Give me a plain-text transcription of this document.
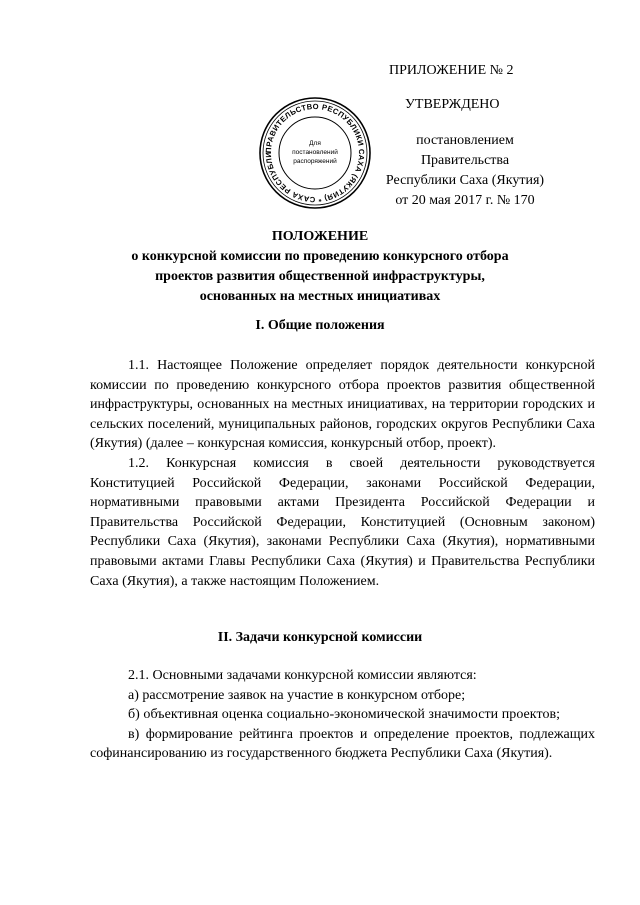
ПРИЛОЖЕНИЕ № 2
УТВЕРЖДЕНО
постановлением Правительства
Республики Саха (Якутия)
от 20 мая 2017 г. № 170
ПРАВИТЕЛЬСТВО РЕСПУБЛИКИ САХА (ЯКУТИЯ) * САХА РЕСПУБЛИ
Для
постановлений
распоряжений
ПОЛОЖЕНИЕ
о конкурсной комиссии по проведению конкурсного отбора
проектов развития общественной инфраструктуры,
основанных на местных инициативах
I. Общие положения

1.1. Настоящее Положение определяет порядок деятельности конкурсной комиссии по проведению конкурсного отбора проектов развития общественной инфраструктуры, основанных на местных инициативах, на территории городских и сельских поселений, муниципальных районов, городских округов Республики Саха (Якутия) (далее – конкурсная комиссия, конкурсный отбор, проект).

1.2. Конкурсная комиссия в своей деятельности руководствуется Конституцией Российской Федерации, законами Российской Федерации, нормативными правовыми актами Президента Российской Федерации и Правительства Российской Федерации, Конституцией (Основным законом) Республики Саха (Якутия), законами Республики Саха (Якутия), нормативными правовыми актами Главы Республики Саха (Якутия) и Правительства Республики Саха (Якутия), а также настоящим Положением.

II. Задачи конкурсной комиссии

2.1. Основными задачами конкурсной комиссии являются:

а) рассмотрение заявок на участие в конкурсном отборе;

б) объективная оценка социально-экономической значимости проектов;

в) формирование рейтинга проектов и определение проектов, подлежащих софинансированию из государственного бюджета Республики Саха (Якутия).
